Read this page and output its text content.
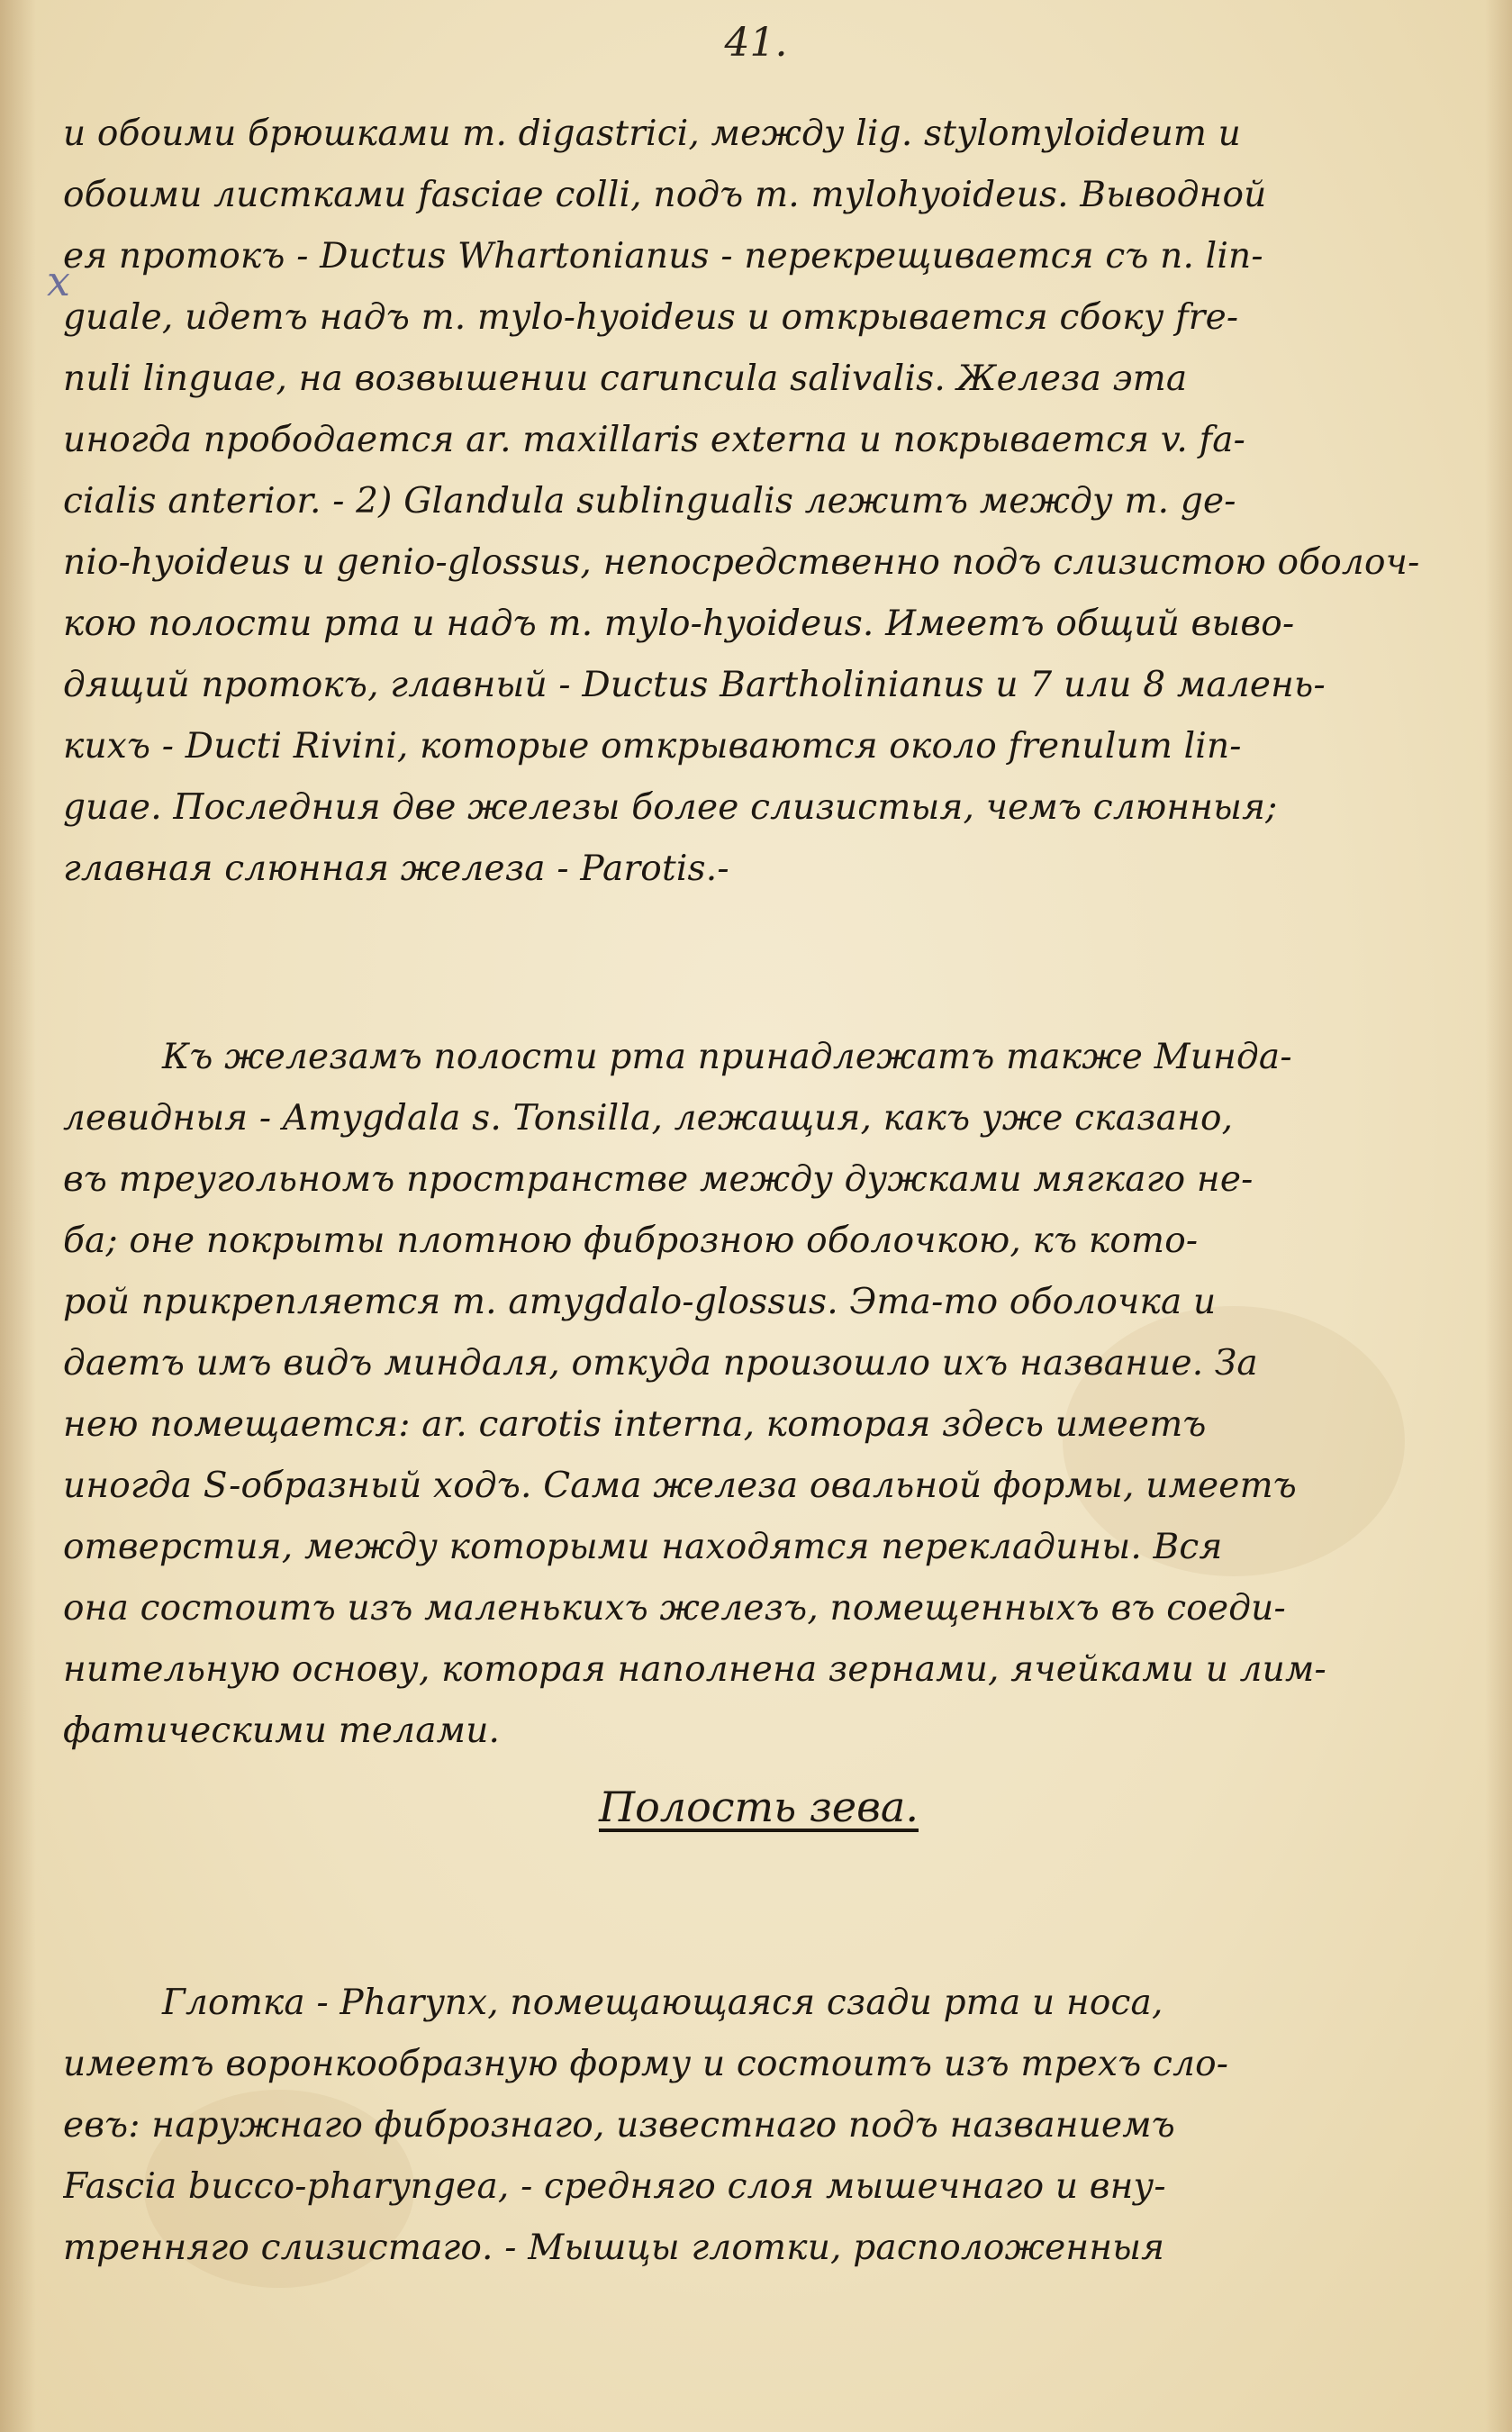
41.
x
и обоими брюшками m. digastrici, между lig. stylomyloideum и
обоими листками fasciae colli, подъ m. mylohyoideus. Выводной
ея протокъ - Ductus Whartonianus - перекрещивается съ n. lin-
guale, идетъ надъ m. mylo-hyoideus и открывается сбоку fre-
nuli linguae, на возвышении caruncula salivalis. Железа эта
иногда прободается ar. maxillaris externa и покрывается v. fa-
cialis anterior. - 2) Glandula sublingualis лежитъ между m. ge-
nio-hyoideus и genio-glossus, непосредственно подъ слизистою оболоч-
кою полости рта и надъ m. mylo-hyoideus. Имеетъ общий выво-
дящий протокъ, главный - Ductus Bartholinianus и 7 или 8 малень-
кихъ - Ducti Rivini, которые открываются около frenulum lin-
guae. Последния две железы более слизистыя, чемъ слюнныя;
главная слюнная железа - Parotis.-
Къ железамъ полости рта принадлежатъ также Минда-
левидныя - Amygdala s. Tonsilla, лежащия, какъ уже сказано,
въ треугольномъ пространстве между дужками мягкаго не-
ба; оне покрыты плотною фиброзною оболочкою, къ кото-
рой прикрепляется m. amygdalo-glossus. Эта-то оболочка и
даетъ имъ видъ миндаля, откуда произошло ихъ название. За
нею помещается: ar. carotis interna, которая здесь имеетъ
иногда S-образный ходъ. Сама железа овальной формы, имеетъ
отверстия, между которыми находятся перекладины. Вся
она состоитъ изъ маленькихъ железъ, помещенныхъ въ соеди-
нительную основу, которая наполнена зернами, ячейками и лим-
фатическими телами.
Полость зева.
Глотка - Pharynx, помещающаяся сзади рта и носа,
имеетъ воронкообразную форму и состоитъ изъ трехъ сло-
евъ: наружнаго фибрознаго, известнаго подъ названиемъ
Fascia bucco-pharyngea, - средняго слоя мышечнаго и вну-
тренняго слизистаго. - Мышцы глотки, расположенныя
